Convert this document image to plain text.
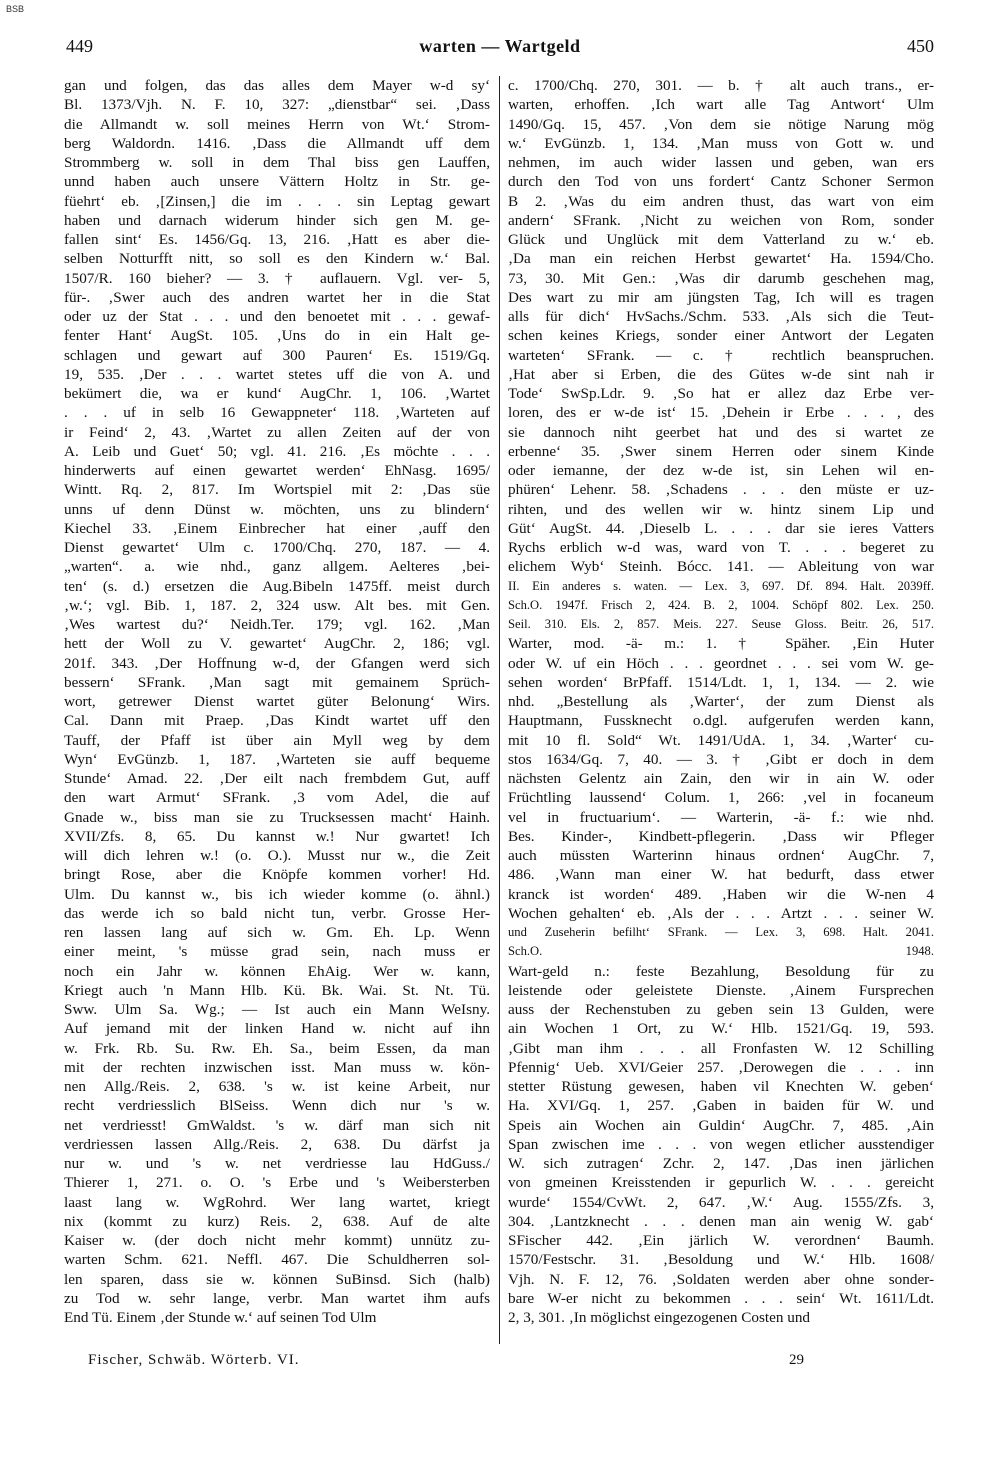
BSB
449	warten — Wartgeld	450
gan und folgen, das das alles dem Mayer w-d sy‘
Bl. 1373/Vjh. N. F. 10, 327: „dienstbar“ sei. ‚Dass
die Allmandt w. soll meines Herrn von Wt.‘ Strom-
berg Waldordn. 1416. ‚Dass die Allmandt uff dem
Strommberg w. soll in dem Thal biss gen Lauffen,
unnd haben auch unsere Vättern Holtz in Str. ge-
füehrt‘ eb. ‚[Zinsen,] die im . . . sin Leptag gewart
haben und darnach widerum hinder sich gen M. ge-
fallen sint‘ Es. 1456/Gq. 13, 216. ‚Hatt es aber die-
selben Notturfft nitt, so soll es den Kindern w.‘ Bal.
1507/R. 160 bieher? — 3. † auflauern. Vgl. ver- 5,
für-. ‚Swer auch des andren wartet her in die Stat
oder uz der Stat . . . und den benoetet mit . . . gewaf-
fenter Hant‘ AugSt. 105. ‚Uns do in ein Halt ge-
schlagen und gewart auf 300 Pauren‘ Es. 1519/Gq.
19, 535. ‚Der . . . wartet stetes uff die von A. und
bekümert die, wa er kund‘ AugChr. 1, 106. ‚Wartet
. . . uf in selb 16 Gewappneter‘ 118. ‚Warteten auf
ir Feind‘ 2, 43. ‚Wartet zu allen Zeiten auf der von
A. Leib und Guet‘ 50; vgl. 41. 216. ‚Es möchte . . .
hinderwerts auf einen gewartet werden‘ EhNasg. 1695/
Wintt. Rq. 2, 817. Im Wortspiel mit 2: ‚Das süe
unns uf denn Dünst w. möchten, uns zu blindern‘
Kiechel 33. ‚Einem Einbrecher hat einer ‚auff den
Dienst gewartet‘ Ulm c. 1700/Chq. 270, 187. — 4.
„warten“. a. wie nhd., ganz allgem. Aelteres ‚bei-
ten‘ (s. d.) ersetzen die Aug.Bibeln 1475ff. meist durch
‚w.‘; vgl. Bib. 1, 187. 2, 324 usw. Alt bes. mit Gen.
‚Wes wartest du?‘ Neidh.Ter. 179; vgl. 162. ‚Man
hett der Woll zu V. gewartet‘ AugChr. 2, 186; vgl.
201f. 343. ‚Der Hoffnung w-d, der Gfangen werd sich
bessern‘ SFrank. ‚Man sagt mit gemainem Sprüch-
wort, getrewer Dienst wartet güter Belonung‘ Wirs.
Cal. Dann mit Praep. ‚Das Kindt wartet uff den
Tauff, der Pfaff ist über ain Myll weg by dem
Wyn‘ EvGünzb. 1, 187. ‚Warteten sie auff bequeme
Stunde‘ Amad. 22. ‚Der eilt nach frembdem Gut, auff
den wart Armut‘ SFrank. ‚3 vom Adel, die auf
Gnade w., biss man sie zu Trucksessen macht‘ Hainh.
XVII/Zfs. 8, 65. Du kannst w.! Nur gwartet! Ich
will dich lehren w.! (o. O.). Musst nur w., die Zeit
bringt Rose, aber die Knöpfe kommen vorher! Hd.
Ulm. Du kannst w., bis ich wieder komme (o. ähnl.)
das werde ich so bald nicht tun, verbr. Grosse Her-
ren lassen lang auf sich w. Gm. Eh. Lp. Wenn
einer meint, 's müsse grad sein, nach muss er
noch ein Jahr w. können EhAig. Wer w. kann,
Kriegt auch 'n Mann Hlb. Kü. Bk. Wai. St. Nt. Tü.
Sww. Ulm Sa. Wg.; — Ist auch ein Mann WeIsny.
Auf jemand mit der linken Hand w. nicht auf ihn
w. Frk. Rb. Su. Rw. Eh. Sa., beim Essen, da man
mit der rechten inzwischen isst. Man muss w. kön-
nen Allg./Reis. 2, 638. 's w. ist keine Arbeit, nur
recht verdriesslich BlSeiss. Wenn dich nur 's w.
net verdriesst! GmWaldst. 's w. därf man sich nit
verdriessen lassen Allg./Reis. 2, 638. Du därfst ja
nur w. und 's w. net verdriesse lau HdGuss./
Thierer 1, 271. o. O. 's Erbe und 's Weibersterben
laast lang w. WgRohrd. Wer lang wartet, kriegt
nix (kommt zu kurz) Reis. 2, 638. Auf de alte
Kaiser w. (der doch nicht mehr kommt) unnütz zu-
warten Schm. 621. Neffl. 467. Die Schuldherren sol-
len sparen, dass sie w. können SuBinsd. Sich (halb)
zu Tod w. sehr lange, verbr. Man wartet ihm aufs
End Tü. Einem ‚der Stunde w.‘ auf seinen Tod Ulm
c. 1700/Chq. 270, 301. — b. † alt auch trans., er-
warten, erhoffen. ‚Ich wart alle Tag Antwort‘ Ulm
1490/Gq. 15, 457. ‚Von dem sie nötige Narung mög
w.‘ EvGünzb. 1, 134. ‚Man muss von Gott w. und
nehmen, im auch wider lassen und geben, wan ers
durch den Tod von uns fordert‘ Cantz Schoner Sermon
B 2. ‚Was du eim andren thust, das wart von eim
andern‘ SFrank. ‚Nicht zu weichen von Rom, sonder
Glück und Unglück mit dem Vatterland zu w.‘ eb.
‚Da man ein reichen Herbst gewartet‘ Ha. 1594/Cho.
73, 30. Mit Gen.: ‚Was dir darumb geschehen mag,
Des wart zu mir am jüngsten Tag, Ich will es tragen
alls für dich‘ HvSachs./Schm. 533. ‚Als sich die Teut-
schen keines Kriegs, sonder einer Antwort der Legaten
warteten‘ SFrank. — c. † rechtlich beanspruchen.
‚Hat aber si Erben, die des Gütes w-de sint nah ir
Tode‘ SwSp.Ldr. 9. ‚So hat er allez daz Erbe ver-
loren, des er w-de ist‘ 15. ‚Dehein ir Erbe . . . , des
sie dannoch niht geerbet hat und des si wartet ze
erbenne‘ 35. ‚Swer sinem Herren oder sinem Kinde
oder iemanne, der dez w-de ist, sin Lehen wil en-
phüren‘ Lehenr. 58. ‚Schadens . . . den müste er uz-
rihten, und des wellen wir w. hintz sinem Lip und
Güt‘ AugSt. 44. ‚Dieselb L. . . . dar sie ieres Vatters
Rychs erblich w-d was, ward von T. . . . begeret zu
elichem Wyb‘ Steinh. Bócc. 141. — Ableitung von war
II. Ein anderes s. waten. — Lex. 3, 697. Df. 894. Halt. 2039ff.
Sch.O. 1947f. Frisch 2, 424. B. 2, 1004. Schöpf 802. Lex. 250.
Seil. 310. Els. 2, 857. Meis. 227. Seuse Gloss. Beitr. 26, 517.
Warter, mod. -ä- m.: 1. † Späher. ‚Ein Huter
oder W. uf ein Höch . . . geordnet . . . sei vom W. ge-
sehen worden‘ BrPfaff. 1514/Ldt. 1, 1, 134. — 2. wie
nhd. „Bestellung als ‚Warter‘, der zum Dienst als
Hauptmann, Fussknecht o.dgl. aufgerufen werden kann,
mit 10 fl. Sold“ Wt. 1491/UdA. 1, 34. ‚Warter‘ cu-
stos 1634/Gq. 7, 40. — 3. † ‚Gibt er doch in dem
nächsten Gelentz ain Zain, den wir in ain W. oder
Früchtling laussend‘ Colum. 1, 266: ‚vel in focaneum
vel in fructuarium‘. — Warterin, -ä- f.: wie nhd.
Bes. Kinder-, Kindbett-pflegerin. ‚Dass wir Pfleger
auch müssten Warterinn hinaus ordnen‘ AugChr. 7,
486. ‚Wann man einer W. hat bedurft, dass etwer
kranck ist worden‘ 489. ‚Haben wir die W-nen 4
Wochen gehalten‘ eb. ‚Als der . . . Artzt . . . seiner W.
und Zuseherin befilht‘ SFrank. — Lex. 3, 698. Halt. 2041.
Sch.O. 1948.
Wart-geld n.: feste Bezahlung, Besoldung für zu
leistende oder geleistete Dienste. ‚Ainem Fursprechen
auss der Rechenstuben zu geben sein 13 Gulden, were
ain Wochen 1 Ort, zu W.‘ Hlb. 1521/Gq. 19, 593.
‚Gibt man ihm . . . all Fronfasten W. 12 Schilling
Pfennig‘ Ueb. XVI/Geier 257. ‚Derowegen die . . . inn
stetter Rüstung gewesen, haben vil Knechten W. geben‘
Ha. XVI/Gq. 1, 257. ‚Gaben in baiden für W. und
Speis ain Wochen ain Guldin‘ AugChr. 7, 485. ‚Ain
Span zwischen ime . . . von wegen etlicher ausstendiger
W. sich zutragen‘ Zchr. 2, 147. ‚Das inen järlichen
von gmeinen Kreisstenden ir gepurlich W. . . . gereicht
wurde‘ 1554/CvWt. 2, 647. ‚W.‘ Aug. 1555/Zfs. 3,
304. ‚Lantzknecht . . . denen man ain wenig W. gab‘
SFischer 442. ‚Ein järlich W. verordnen‘ Baumh.
1570/Festschr. 31. ‚Besoldung und W.‘ Hlb. 1608/
Vjh. N. F. 12, 76. ‚Soldaten werden aber ohne sonder-
bare W-er nicht zu bekommen . . . sein‘ Wt. 1611/Ldt.
2, 3, 301. ‚In möglichst eingezogenen Costen und
Fischer, Schwäb. Wörterb. VI.	29
